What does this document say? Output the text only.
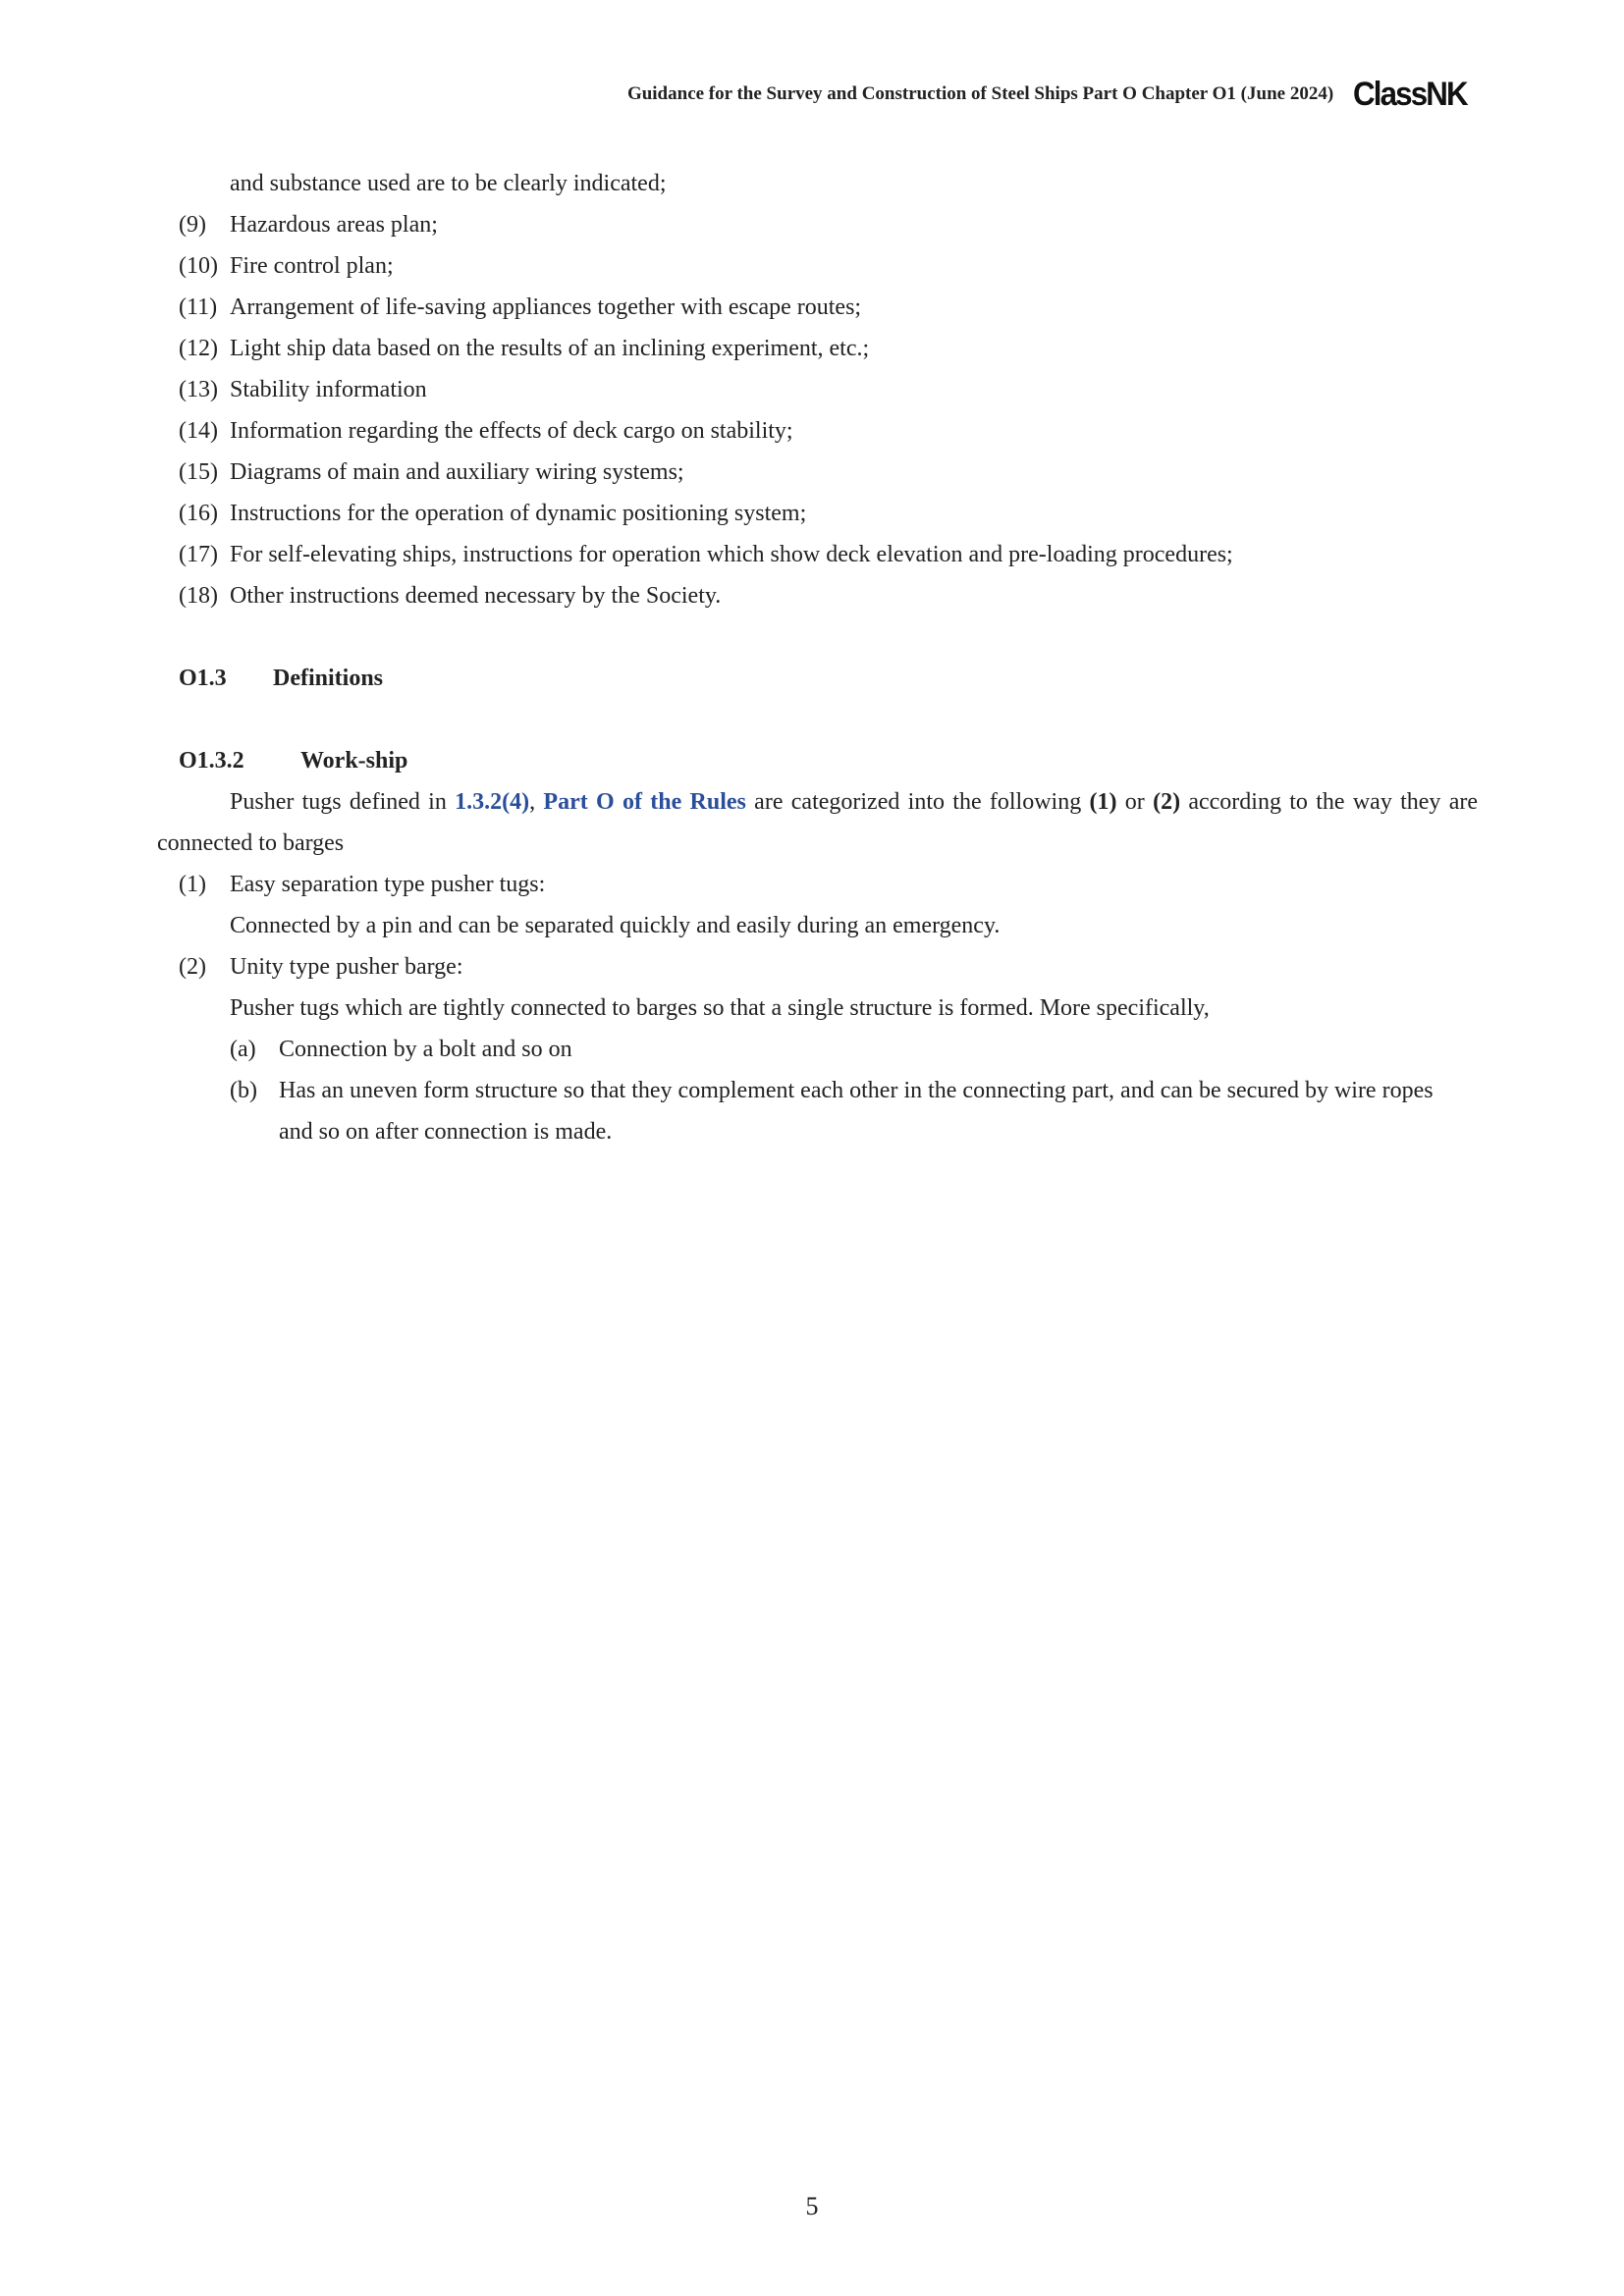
Guidance for the Survey and Construction of Steel Ships Part O Chapter O1 (June 2024) ClassNK
and substance used are to be clearly indicated;
(9) Hazardous areas plan;
(10) Fire control plan;
(11) Arrangement of life-saving appliances together with escape routes;
(12) Light ship data based on the results of an inclining experiment, etc.;
(13) Stability information
(14) Information regarding the effects of deck cargo on stability;
(15) Diagrams of main and auxiliary wiring systems;
(16) Instructions for the operation of dynamic positioning system;
(17) For self-elevating ships, instructions for operation which show deck elevation and pre-loading procedures;
(18) Other instructions deemed necessary by the Society.
O1.3 Definitions
O1.3.2 Work-ship
Pusher tugs defined in 1.3.2(4), Part O of the Rules are categorized into the following (1) or (2) according to the way they are connected to barges
(1) Easy separation type pusher tugs:
Connected by a pin and can be separated quickly and easily during an emergency.
(2) Unity type pusher barge:
Pusher tugs which are tightly connected to barges so that a single structure is formed. More specifically,
(a) Connection by a bolt and so on
(b) Has an uneven form structure so that they complement each other in the connecting part, and can be secured by wire ropes
and so on after connection is made.
5
